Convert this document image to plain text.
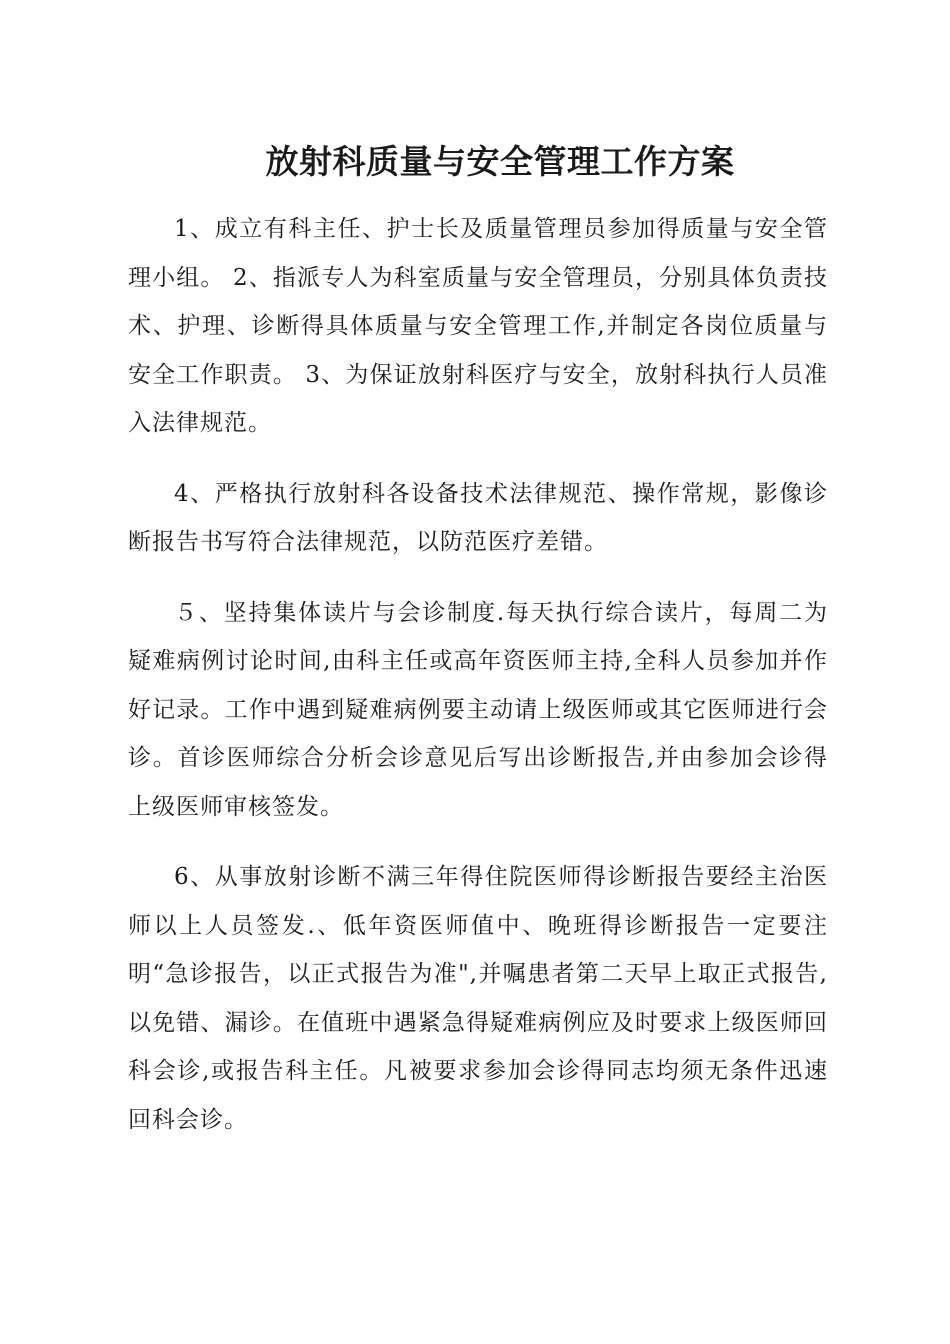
放射科质量与安全管理工作方案

1、成立有科主任、护士长及质量管理员参加得质量与安全管理小组。 2、指派专人为科室质量与安全管理员，分别具体负责技术、护理、诊断得具体质量与安全管理工作,并制定各岗位质量与安全工作职责。 3、为保证放射科医疗与安全，放射科执行人员准入法律规范。

4、严格执行放射科各设备技术法律规范、操作常规，影像诊断报告书写符合法律规范，以防范医疗差错。

５、坚持集体读片与会诊制度.每天执行综合读片，每周二为疑难病例讨论时间,由科主任或高年资医师主持,全科人员参加并作好记录。工作中遇到疑难病例要主动请上级医师或其它医师进行会诊。首诊医师综合分析会诊意见后写出诊断报告,并由参加会诊得上级医师审核签发。

6、从事放射诊断不满三年得住院医师得诊断报告要经主治医师以上人员签发.、低年资医师值中、晚班得诊断报告一定要注明“急诊报告，以正式报告为准",并嘱患者第二天早上取正式报告,以免错、漏诊。在值班中遇紧急得疑难病例应及时要求上级医师回科会诊,或报告科主任。凡被要求参加会诊得同志均须无条件迅速回科会诊。
